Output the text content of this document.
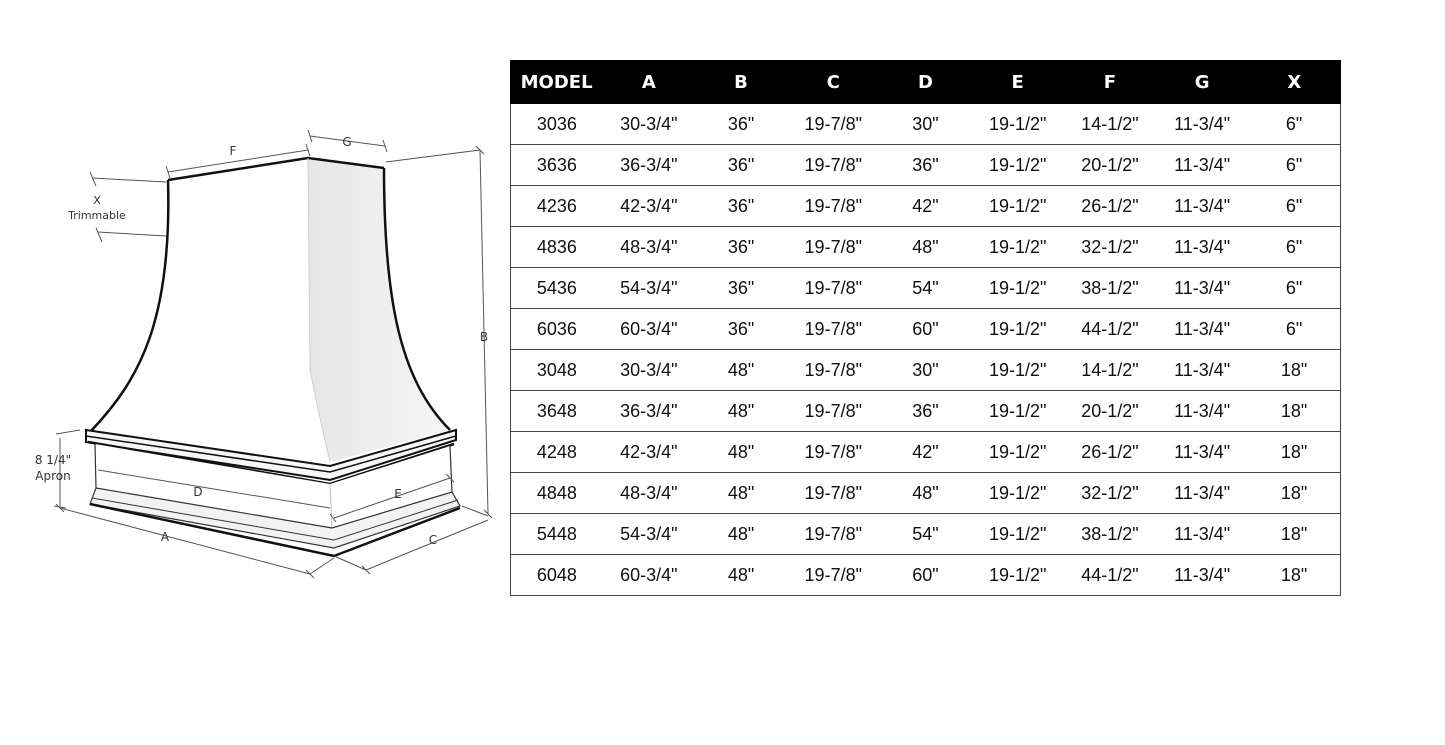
F
G
X
Trimmable
B
8 1/4"
Apron
D	E
A	C
MODEL	A	B	C	D	E	F	G	X
3036	30-3/4"	36"	19-7/8"	30"	19-1/2"	14-1/2"	11-3/4"	6"
3636	36-3/4"	36"	19-7/8"	36"	19-1/2"	20-1/2"	11-3/4"	6"
4236	42-3/4"	36"	19-7/8"	42"	19-1/2"	26-1/2"	11-3/4"	6"
4836	48-3/4"	36"	19-7/8"	48"	19-1/2"	32-1/2"	11-3/4"	6"
5436	54-3/4"	36"	19-7/8"	54"	19-1/2"	38-1/2"	11-3/4"	6"
6036	60-3/4"	36"	19-7/8"	60"	19-1/2"	44-1/2"	11-3/4"	6"
3048	30-3/4"	48"	19-7/8"	30"	19-1/2"	14-1/2"	11-3/4"	18"
3648	36-3/4"	48"	19-7/8"	36"	19-1/2"	20-1/2"	11-3/4"	18"
4248	42-3/4"	48"	19-7/8"	42"	19-1/2"	26-1/2"	11-3/4"	18"
4848	48-3/4"	48"	19-7/8"	48"	19-1/2"	32-1/2"	11-3/4"	18"
5448	54-3/4"	48"	19-7/8"	54"	19-1/2"	38-1/2"	11-3/4"	18"
6048	60-3/4"	48"	19-7/8"	60"	19-1/2"	44-1/2"	11-3/4"	18"
